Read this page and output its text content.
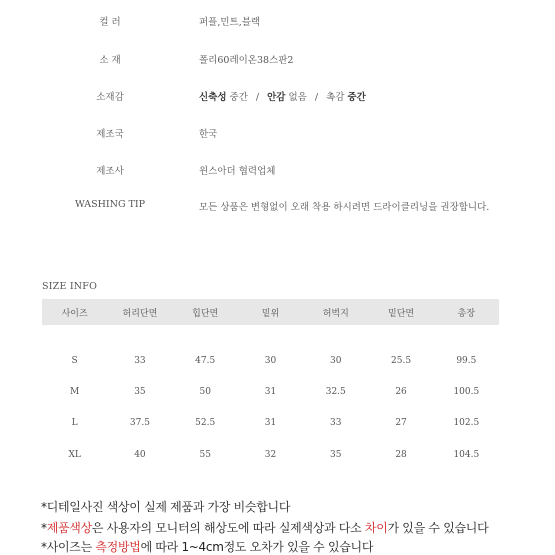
컬 러	퍼플,민트,블랙
소 재	폴리60레이온38스판2
소재감	신축성 중간 / 안감 없음 / 촉감 중간
제조국	한국
제조사	윈스아더 협력업체
WASHING TIP	모든 상품은 변형없이 오래 착용 하시려면 드라이클리닝을 권장합니다.
SIZE INFO
사이즈	허리단면	힙단면	밑위	허벅지	밑단면	총장
S	33	47.5	30	30	25.5	99.5
M	35	50	31	32.5	26	100.5
L	37.5	52.5	31	33	27	102.5
XL	40	55	32	35	28	104.5
*디테일사진 색상이 실제 제품과 가장 비슷합니다
*제품색상은 사용자의 모니터의 해상도에 따라 실제색상과 다소 차이가 있을 수 있습니다
*사이즈는 측정방법에 따라 1~4cm정도 오차가 있을 수 있습니다
